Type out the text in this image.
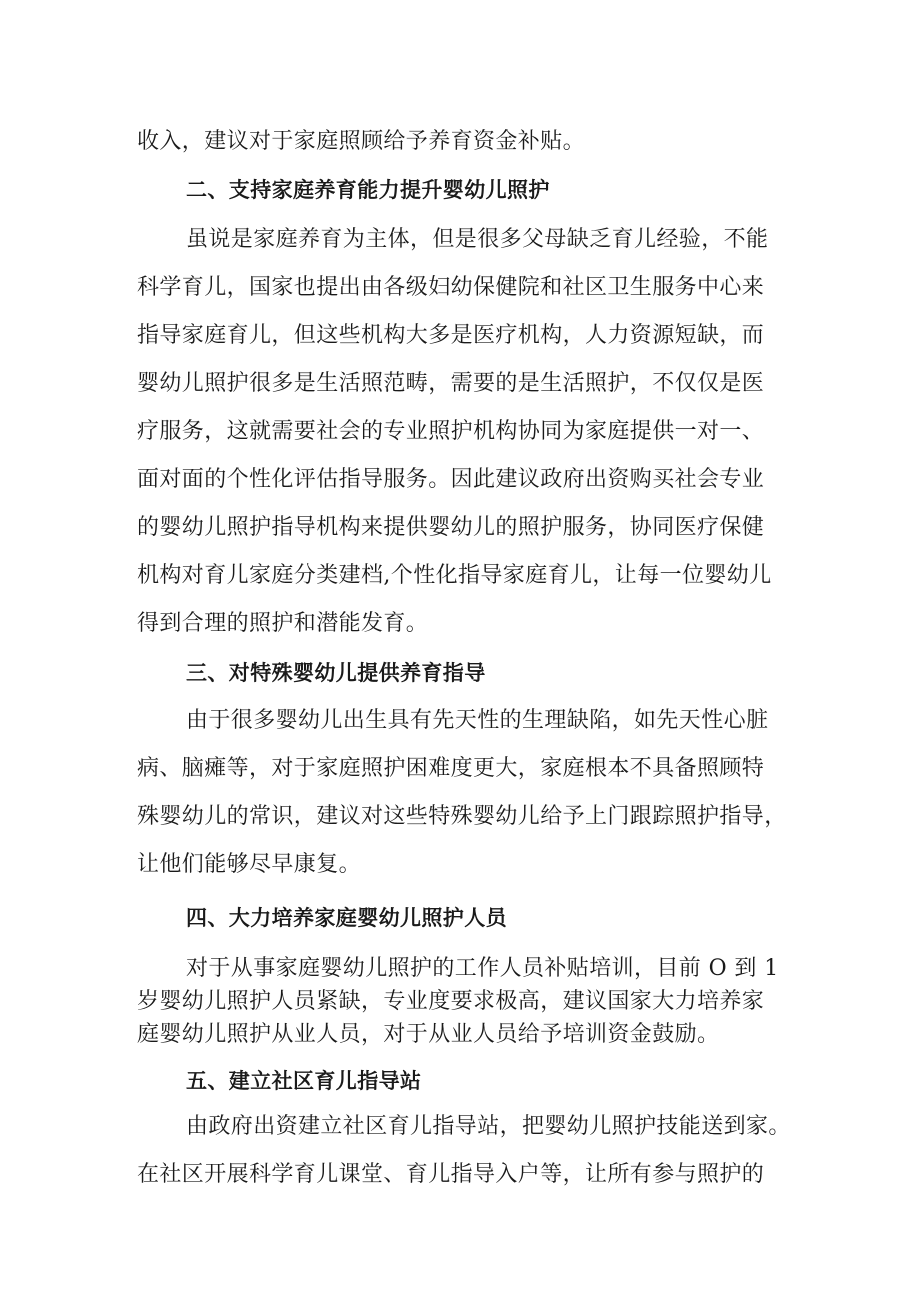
收入，建议对于家庭照顾给予养育资金补贴。
二、支持家庭养育能力提升婴幼儿照护
虽说是家庭养育为主体，但是很多父母缺乏育儿经验，不能
科学育儿，国家也提出由各级妇幼保健院和社区卫生服务中心来
指导家庭育儿，但这些机构大多是医疗机构，人力资源短缺，而
婴幼儿照护很多是生活照范畴，需要的是生活照护，不仅仅是医
疗服务，这就需要社会的专业照护机构协同为家庭提供一对一、
面对面的个性化评估指导服务。因此建议政府出资购买社会专业
的婴幼儿照护指导机构来提供婴幼儿的照护服务，协同医疗保健
机构对育儿家庭分类建档,个性化指导家庭育儿，让每一位婴幼儿
得到合理的照护和潜能发育。
三、对特殊婴幼儿提供养育指导
由于很多婴幼儿出生具有先天性的生理缺陷，如先天性心脏
病、脑瘫等，对于家庭照护困难度更大，家庭根本不具备照顾特
殊婴幼儿的常识，建议对这些特殊婴幼儿给予上门跟踪照护指导，
让他们能够尽早康复。
四、大力培养家庭婴幼儿照护人员
对于从事家庭婴幼儿照护的工作人员补贴培训，目前 O 到 1
岁婴幼儿照护人员紧缺，专业度要求极高，建议国家大力培养家
庭婴幼儿照护从业人员，对于从业人员给予培训资金鼓励。
五、建立社区育儿指导站
由政府出资建立社区育儿指导站，把婴幼儿照护技能送到家。
在社区开展科学育儿课堂、育儿指导入户等，让所有参与照护的
